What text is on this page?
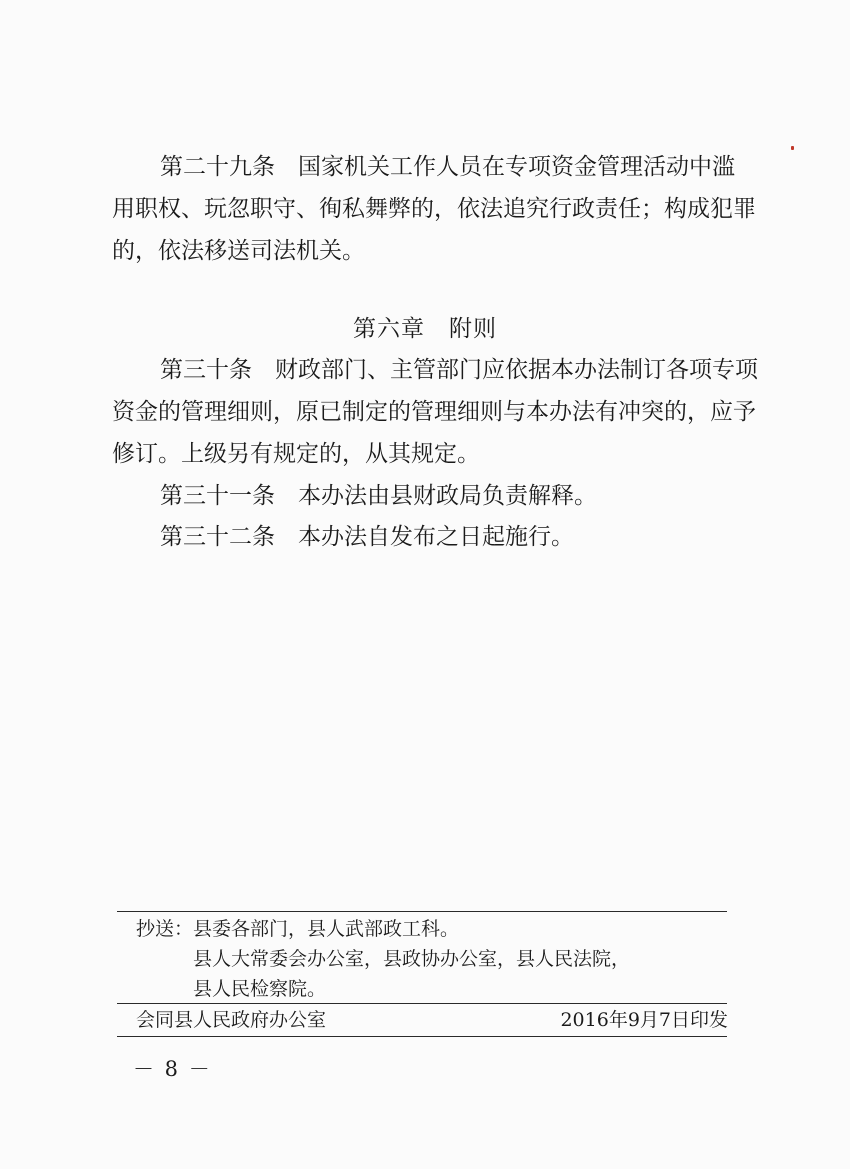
第二十九条　国家机关工作人员在专项资金管理活动中滥
用职权、玩忽职守、徇私舞弊的，依法追究行政责任；构成犯罪
的，依法移送司法机关。
第六章　附则
第三十条　财政部门、主管部门应依据本办法制订各项专项
资金的管理细则，原已制定的管理细则与本办法有冲突的，应予
修订。上级另有规定的，从其规定。
第三十一条　本办法由县财政局负责解释。
第三十二条　本办法自发布之日起施行。
抄送：县委各部门，县人武部政工科。
县人大常委会办公室，县政协办公室，县人民法院，
县人民检察院。
会同县人民政府办公室	2016年9月7日印发
－ 8 －
